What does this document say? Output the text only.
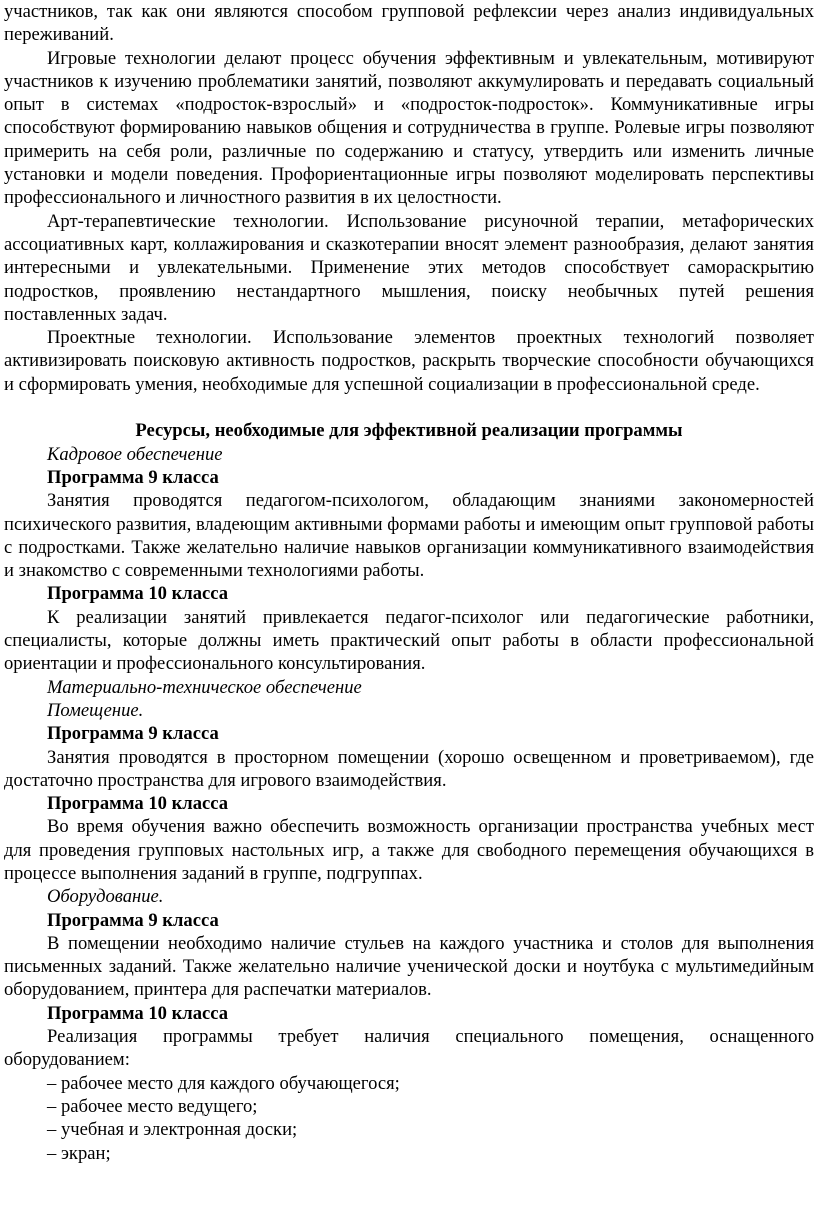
участников, так как они являются способом групповой рефлексии через анализ индивидуальных переживаний.

Игровые технологии делают процесс обучения эффективным и увлекательным, мотивируют участников к изучению проблематики занятий, позволяют аккумулировать и передавать социальный опыт в системах «подросток-взрослый» и «подросток-подросток». Коммуникативные игры способствуют формированию навыков общения и сотрудничества в группе. Ролевые игры позволяют примерить на себя роли, различные по содержанию и статусу, утвердить или изменить личные установки и модели поведения. Профориентационные игры позволяют моделировать перспективы профессионального и личностного развития в их целостности.

Арт-терапевтические технологии. Использование рисуночной терапии, метафорических ассоциативных карт, коллажирования и сказкотерапии вносят элемент разнообразия, делают занятия интересными и увлекательными. Применение этих методов способствует самораскрытию подростков, проявлению нестандартного мышления, поиску необычных путей решения поставленных задач.

Проектные технологии. Использование элементов проектных технологий позволяет активизировать поисковую активность подростков, раскрыть творческие способности обучающихся и сформировать умения, необходимые для успешной социализации в профессиональной среде.

Ресурсы, необходимые для эффективной реализации программы

Кадровое обеспечение

Программа 9 класса

Занятия проводятся педагогом-психологом, обладающим знаниями закономерностей психического развития, владеющим активными формами работы и имеющим опыт групповой работы с подростками. Также желательно наличие навыков организации коммуникативного взаимодействия и знакомство с современными технологиями работы.

Программа 10 класса

К реализации занятий привлекается педагог-психолог или педагогические работники, специалисты, которые должны иметь практический опыт работы в области профессиональной ориентации и профессионального консультирования.

Материально-техническое обеспечение

Помещение.

Программа 9 класса

Занятия проводятся в просторном помещении (хорошо освещенном и проветриваемом), где достаточно пространства для игрового взаимодействия.

Программа 10 класса

Во время обучения важно обеспечить возможность организации пространства учебных мест для проведения групповых настольных игр, а также для свободного перемещения обучающихся в процессе выполнения заданий в группе, подгруппах.

Оборудование.

Программа 9 класса

В помещении необходимо наличие стульев на каждого участника и столов для выполнения письменных заданий. Также желательно наличие ученической доски и ноутбука с мультимедийным оборудованием, принтера для распечатки материалов.

Программа 10 класса

Реализация программы требует наличия специального помещения, оснащенного оборудованием:

– рабочее место для каждого обучающегося;

– рабочее место ведущего;

– учебная и электронная доски;

– экран;
